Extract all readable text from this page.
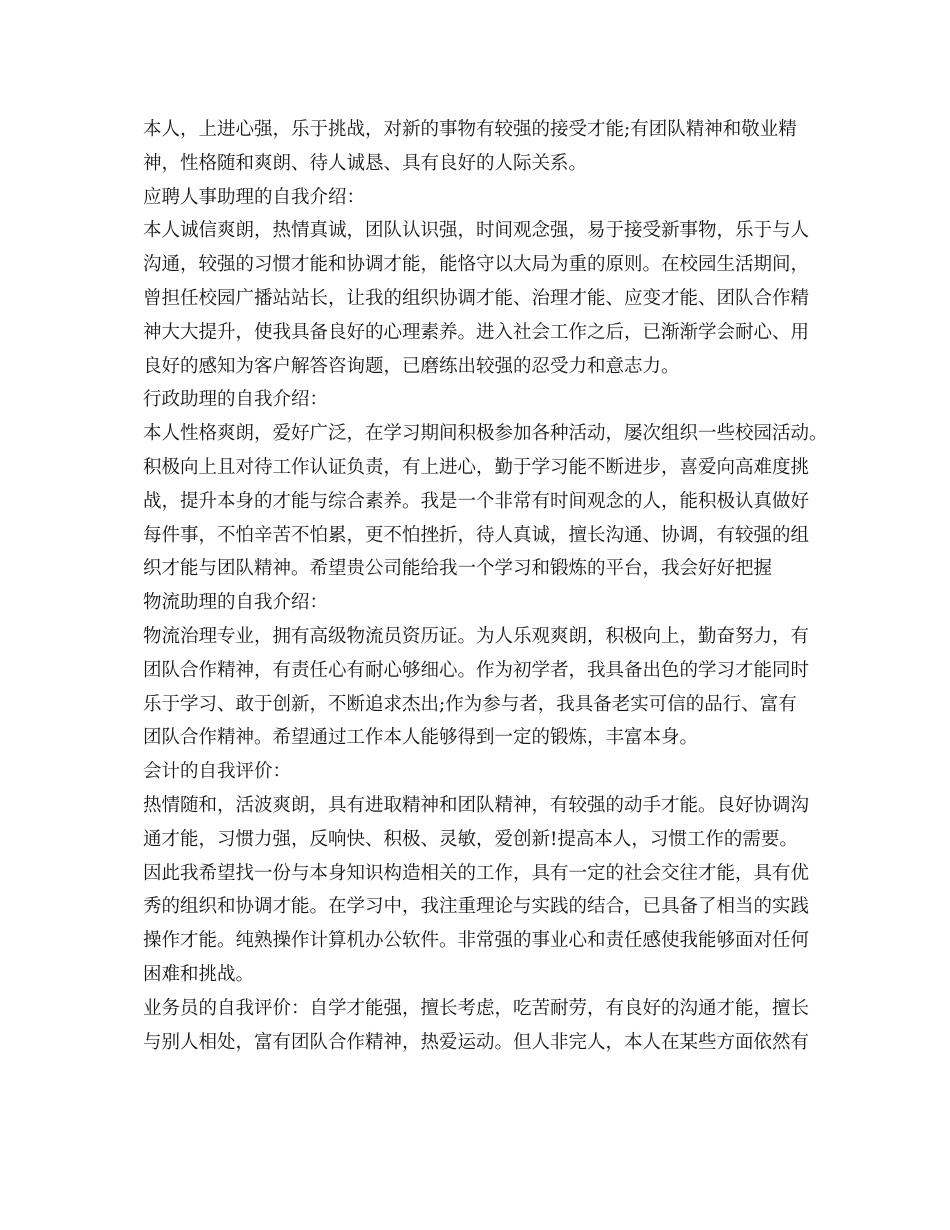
本人，上进心强，乐于挑战，对新的事物有较强的接受才能;有团队精神和敬业精
神，性格随和爽朗、待人诚恳、具有良好的人际关系。
应聘人事助理的自我介绍：
本人诚信爽朗，热情真诚，团队认识强，时间观念强，易于接受新事物，乐于与人
沟通，较强的习惯才能和协调才能，能恪守以大局为重的原则。在校园生活期间，
曾担任校园广播站站长，让我的组织协调才能、治理才能、应变才能、团队合作精
神大大提升，使我具备良好的心理素养。进入社会工作之后，已渐渐学会耐心、用
良好的感知为客户解答咨询题，已磨练出较强的忍受力和意志力。
行政助理的自我介绍：
本人性格爽朗，爱好广泛，在学习期间积极参加各种活动，屡次组织一些校园活动。
积极向上且对待工作认证负责，有上进心，勤于学习能不断进步，喜爱向高难度挑
战，提升本身的才能与综合素养。我是一个非常有时间观念的人，能积极认真做好
每件事，不怕辛苦不怕累，更不怕挫折，待人真诚，擅长沟通、协调，有较强的组
织才能与团队精神。希望贵公司能给我一个学习和锻炼的平台，我会好好把握
物流助理的自我介绍：
物流治理专业，拥有高级物流员资历证。为人乐观爽朗，积极向上，勤奋努力，有
团队合作精神，有责任心有耐心够细心。作为初学者，我具备出色的学习才能同时
乐于学习、敢于创新，不断追求杰出;作为参与者，我具备老实可信的品行、富有
团队合作精神。希望通过工作本人能够得到一定的锻炼，丰富本身。
会计的自我评价：
热情随和，活波爽朗，具有进取精神和团队精神，有较强的动手才能。良好协调沟
通才能，习惯力强，反响快、积极、灵敏，爱创新!提高本人，习惯工作的需要。
因此我希望找一份与本身知识构造相关的工作，具有一定的社会交往才能，具有优
秀的组织和协调才能。在学习中，我注重理论与实践的结合，已具备了相当的实践
操作才能。纯熟操作计算机办公软件。非常强的事业心和责任感使我能够面对任何
困难和挑战。
业务员的自我评价：自学才能强，擅长考虑，吃苦耐劳，有良好的沟通才能，擅长
与别人相处，富有团队合作精神，热爱运动。但人非完人，本人在某些方面依然有
